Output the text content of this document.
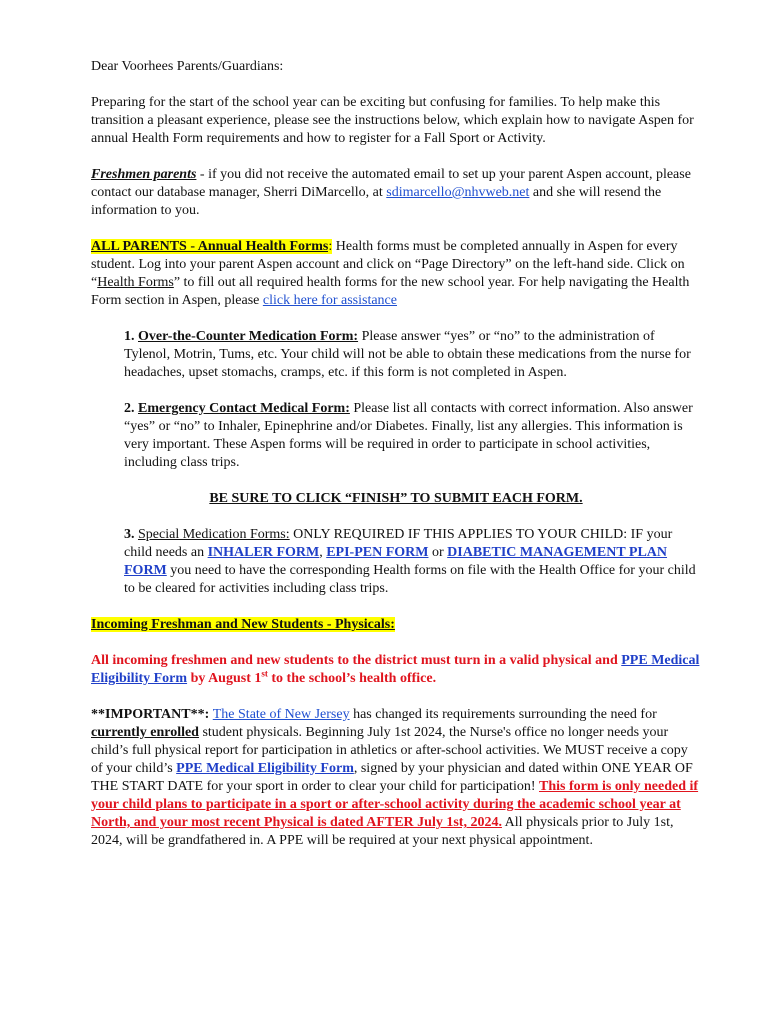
Dear Voorhees Parents/Guardians:

Preparing for the start of the school year can be exciting but confusing for families. To help make this transition a pleasant experience, please see the instructions below, which explain how to navigate Aspen for annual Health Form requirements and how to register for a Fall Sport or Activity.

Freshmen parents - if you did not receive the automated email to set up your parent Aspen account, please contact our database manager, Sherri DiMarcello, at sdimarcello@nhvweb.net and she will resend the information to you.

ALL PARENTS - Annual Health Forms: Health forms must be completed annually in Aspen for every student. Log into your parent Aspen account and click on “Page Directory” on the left-hand side. Click on “Health Forms” to fill out all required health forms for the new school year. For help navigating the Health Form section in Aspen, please click here for assistance

1. Over-the-Counter Medication Form: Please answer “yes” or “no” to the administration of Tylenol, Motrin, Tums, etc. Your child will not be able to obtain these medications from the nurse for headaches, upset stomachs, cramps, etc. if this form is not completed in Aspen.

2. Emergency Contact Medical Form: Please list all contacts with correct information. Also answer “yes” or “no” to Inhaler, Epinephrine and/or Diabetes. Finally, list any allergies. This information is very important. These Aspen forms will be required in order to participate in school activities, including class trips.

BE SURE TO CLICK “FINISH” TO SUBMIT EACH FORM.

3. Special Medication Forms: ONLY REQUIRED IF THIS APPLIES TO YOUR CHILD: IF your child needs an INHALER FORM, EPI-PEN FORM or DIABETIC MANAGEMENT PLAN FORM you need to have the corresponding Health forms on file with the Health Office for your child to be cleared for activities including class trips.

Incoming Freshman and New Students - Physicals:

All incoming freshmen and new students to the district must turn in a valid physical and PPE Medical Eligibility Form by August 1st to the school’s health office.

**IMPORTANT**: The State of New Jersey has changed its requirements surrounding the need for currently enrolled student physicals. Beginning July 1st 2024, the Nurse's office no longer needs your child’s full physical report for participation in athletics or after-school activities. We MUST receive a copy of your child’s PPE Medical Eligibility Form, signed by your physician and dated within ONE YEAR OF THE START DATE for your sport in order to clear your child for participation! This form is only needed if your child plans to participate in a sport or after-school activity during the academic school year at North, and your most recent Physical is dated AFTER July 1st, 2024. All physicals prior to July 1st, 2024, will be grandfathered in. A PPE will be required at your next physical appointment.
